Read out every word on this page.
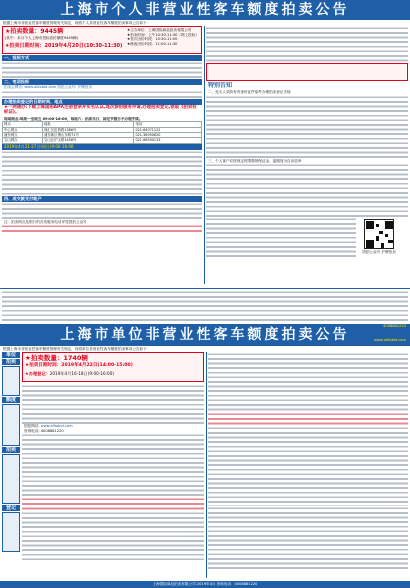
上海市个人非营业性客车额度拍卖公告
根据上海市非营业性客车额度管理有关规定，现将个人非营业性客车额度拍卖事项公告如下：
★拍卖数量：9445辆
(其中：本月个人上海市投标竞价额度9445辆)
★拍卖日期时间：2019年4月20日(10:30-11:30)
★主办单位：上海国际商品拍卖有限公司
★拍卖时间：上午10:30-11:30（网上投标）
★首次出价时段：10:30-11:00
★修改出价时段：11:00-11:30
一、投标方式
二、电话投标
拍卖会网站: www.alltobid.com 国拍公众号: 沪牌拍卖
办理拍卖登记的日期时间、地点
★一网通办:下载上海国拍APP,注册登录并实名认证,逐次参拍服务申请,办理拍卖登记,领取《拍卖投标证》。
现场网点:每周一至周五 09:00-16:00，每周六：拍卖当日、国定节假日不办理手续。
网点	地址	电话
中心网点	徐汇区虹桥路1386号	021-64071122
浦东网点	浦东新区博山东路71号	021-38950620
宝山网点	宝山区沪太路1458号	021-66590133
2019年4月21-27日(周日)9:00-16:00
四、成交款支付帐户
注：拍卖网点及银行的各类服务电话详见国拍公众号
特别告知
二、竞买人须持有效身份证件原件办理拍卖登记手续
三、个人客户应按规定时限缴纳保证金，逾期视为自动放弃
国拍公众号 沪牌拍卖
上海市单位非营业性客车额度拍卖公告
4008881220
www.alltobid.com
根据上海市非营业性客车额度管理有关规定，现将单位非营业性客车额度拍卖事项公告如下：
单位
拍卖
额度
拍卖
登记
★拍卖数量：1740辆
★拍卖日期时间：2019年4月22日(14:00-15:00)
★办理登记：2019年4月16-18日(9:00-16:00)
国拍网站: www.alltobid.com
咨询电话: 4008881220
上海国际商品拍卖有限公司 2019年4月 咨询电话：4008881220
